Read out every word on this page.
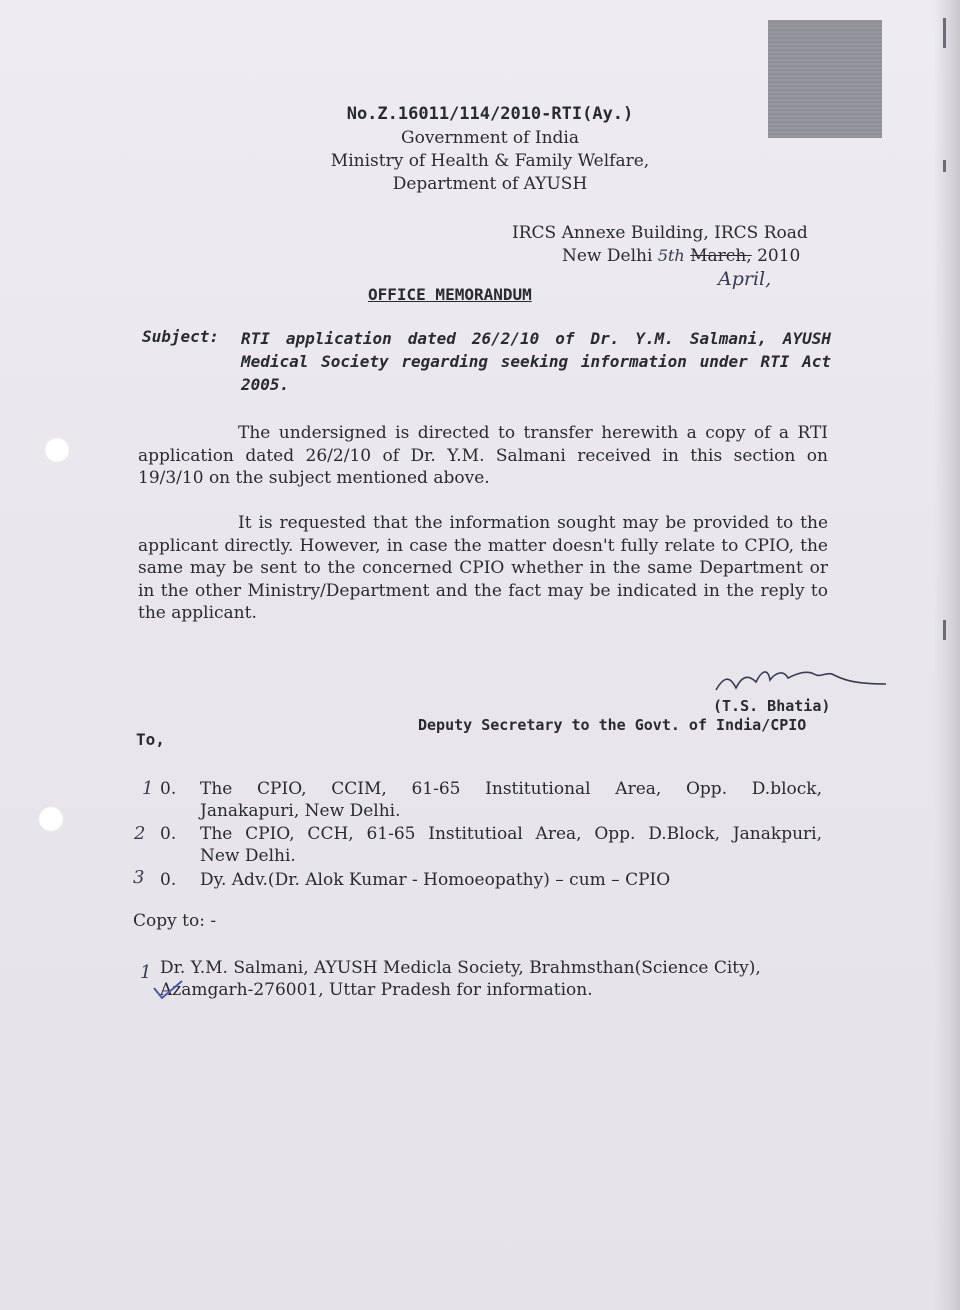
No.Z.16011/114/2010-RTI(Ay.)
Government of India
Ministry of Health & Family Welfare,
Department of AYUSH
IRCS Annexe Building, IRCS Road
New Delhi 5th March, 2010
April,
OFFICE MEMORANDUM
Subject: RTI application dated 26/2/10 of Dr. Y.M. Salmani, AYUSH Medical Society regarding seeking information under RTI Act 2005.
The undersigned is directed to transfer herewith a copy of a RTI application dated 26/2/10 of Dr. Y.M. Salmani received in this section on 19/3/10 on the subject mentioned above.
It is requested that the information sought may be provided to the applicant directly. However, in case the matter doesn't fully relate to CPIO, the same may be sent to the concerned CPIO whether in the same Department or in the other Ministry/Department and the fact may be indicated in the reply to the applicant.
(T.S. Bhatia)
Deputy Secretary to the Govt. of India/CPIO
To,
1 0. The CPIO, CCIM, 61-65 Institutional Area, Opp. D.block,
Janakapuri, New Delhi.
2 0. The CPIO, CCH, 61-65 Institutioal Area, Opp. D.Block, Janakpuri,
New Delhi.
3 0. Dy. Adv.(Dr. Alok Kumar - Homoeopathy) – cum – CPIO
Copy to: -
1 Dr. Y.M. Salmani, AYUSH Medicla Society, Brahmsthan(Science City), Azamgarh-276001, Uttar Pradesh for information.
